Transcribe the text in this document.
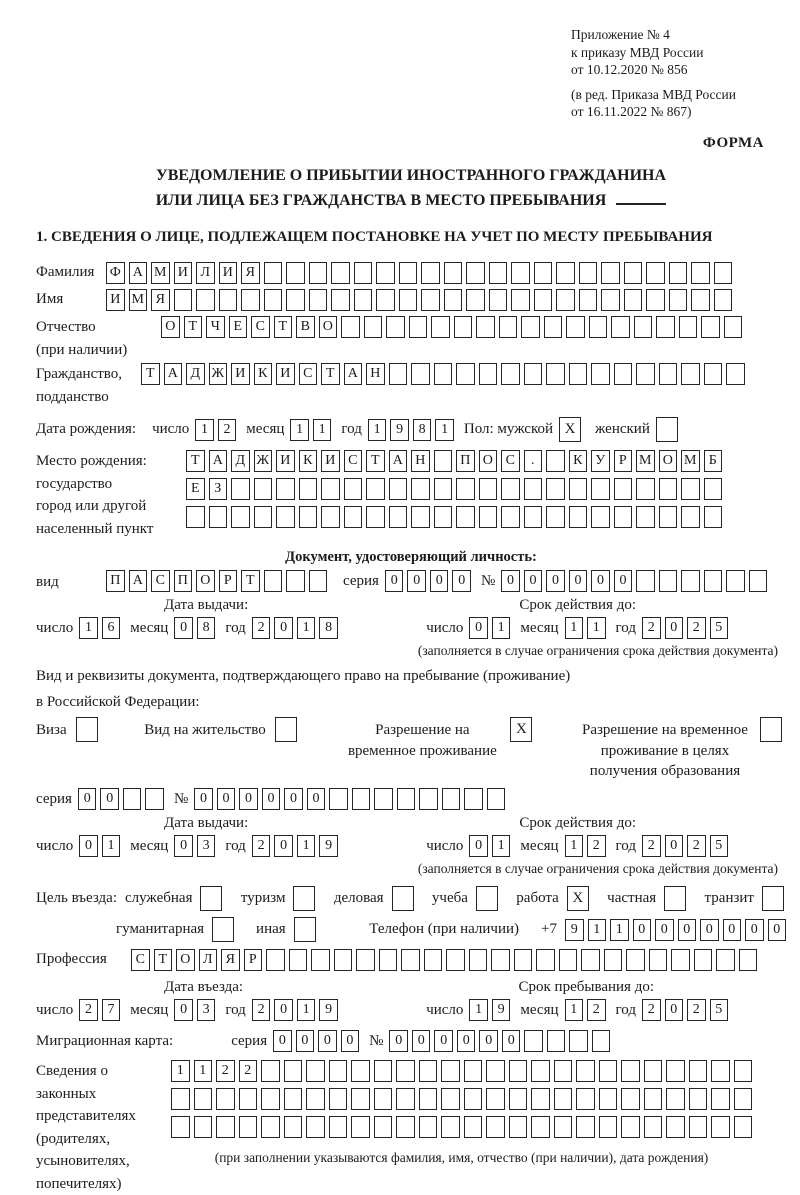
Приложение № 4
к приказу МВД России
от 10.12.2020 № 856
(в ред. Приказа МВД России
от 16.11.2022 № 867)
ФОРМА
УВЕДОМЛЕНИЕ О ПРИБЫТИИ ИНОСТРАННОГО ГРАЖДАНИНА
ИЛИ ЛИЦА БЕЗ ГРАЖДАНСТВА В МЕСТО ПРЕБЫВАНИЯ
1. СВЕДЕНИЯ О ЛИЦЕ, ПОДЛЕЖАЩЕМ ПОСТАНОВКЕ НА УЧЕТ ПО МЕСТУ ПРЕБЫВАНИЯ
Фамилия	Ф А М И Л И Я
Имя	И М Я
Отчество
(при наличии)
О Т Ч Е С Т В О
Гражданство,
подданство
Т А Д Ж И К И С Т А Н
Дата рождения: число 1	2	месяц 1	1	год 1	9	8	1	Пол: мужской X	женский
Место рождения:
государство
город или другой
населенный пункт
Т А Д Ж И К И С Т А Н П О С	.	К У Р М О М Б
Е	З
Документ, удостоверяющий личность:
вид	П А С П О Р	Т	серия 0	0	0	0	№ 0	0	0	0	0	0
Дата выдачи:	Срок действия до:
число 1	6	месяц 0	8	год 2	0	1	8	число 0	1	месяц 1	1	год 2	0	2	5
(заполняется в случае ограничения срока действия документа)
Вид и реквизиты документа, подтверждающего право на пребывание (проживание)
в Российской Федерации:
Виза	Вид на жительство	Разрешение на временное проживание
X	Разрешение на временное проживание в целях получения образования
серия 0	0	№ 0	0	0	0	0	0
Дата выдачи:	Срок действия до:
число 0	1	месяц 0	3	год 2	0	1	9	число 0	1	месяц 1	2	год 2	0	2	5
(заполняется в случае ограничения срока действия документа)
Цель въезда: служебная	туризм	деловая	учеба	работа X	частная	транзит
гуманитарная	иная	Телефон (при наличии) +7 9	1	1	0	0	0	0	0	0	0
Профессия	С Т О Л Я Р
Дата въезда:	Срок пребывания до:
число 2	7	месяц 0	3	год 2	0	1	9	число 1	9	месяц 1	2	год 2	0	2	5
Миграционная карта:	серия 0	0	0	0	№ 0	0	0	0	0	0
Сведения о
законных
представителях
(родителях,
усыновителях,
попечителях)
1	1	2	2
(при заполнении указываются фамилия, имя, отчество (при наличии), дата рождения)
